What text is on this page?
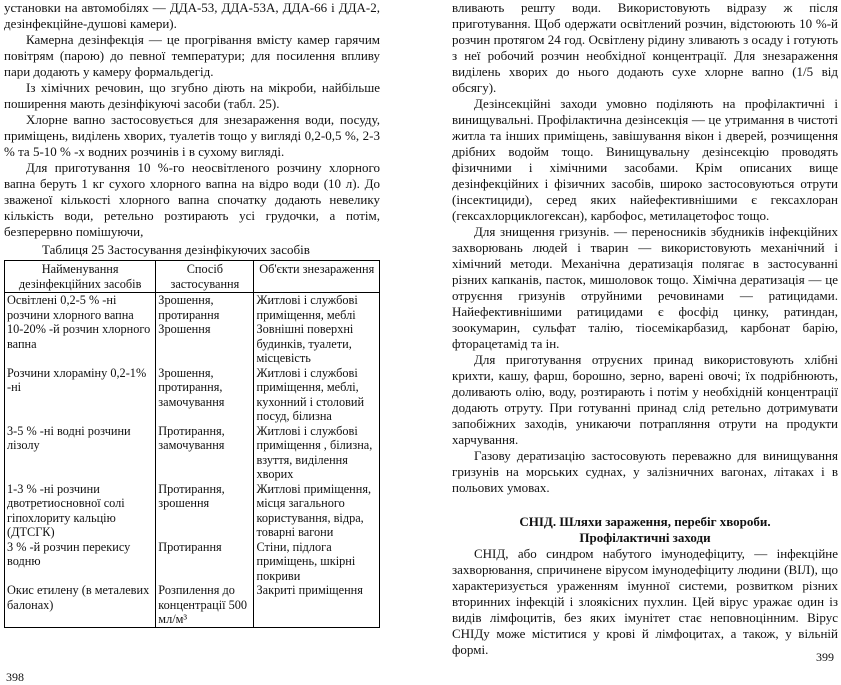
установки на автомобілях — ДДА-53, ДДА-53А, ДДА-66 і ДДА-2, дезінфекційне-душові камери).

Камерна дезінфекція — це прогрівання вмісту камер гарячим повітрям (парою) до певної температури; для посилення впливу пари додають у камеру формальдегід.

Із хімічних речовин, що згубно діють на мікроби, найбільше поширення мають дезінфікуючі засоби (табл. 25).

Хлорне вапно застосовується для знезараження води, посуду, приміщень, виділень хворих, туалетів тощо у вигляді 0,2-0,5 %, 2-3 % та 5-10 % -х водних розчинів і в сухому вигляді.

Для приготування 10 %-го неосвітленого розчину хлорного вапна беруть 1 кг сухого хлорного вапна на відро води (10 л). До зваженої кількості хлорного вапна спочатку додають невелику кількість води, ретельно розтирають усі грудочки, а потім, безперервно помішуючи,

Таблиця 25 Застосування дезінфікуючих засобів

Найменування дезінфекційних засобів	Спосіб застосування	Об'єкти знезараження
Освітлені 0,2-5 % -ні розчини хлорного вапна	Зрошення, протирання	Житлові і службові приміщення, меблі
10-20% -й розчин хлорного вапна	Зрошення	Зовнішні поверхні будинків, туалети, місцевість
Розчини хлораміну 0,2-1% -ні	Зрошення, протирання, замочування	Житлові і службові приміщення, меблі, кухонний і столовий посуд, білизна
3-5 % -ні водні розчини лізолу	Протирання, замочування	Житлові і службові приміщення , білизна, взуття, виділення хворих
1-3 % -ні розчини двотретиосновної солі гіпохлориту кальцію (ДТСГК)	Протирання, зрошення	Житлові приміщення, місця загального користування, відра, товарні вагони
3 % -й розчин перекису водню	Протирання	Стіни, підлога приміщень, шкірні покриви
Окис етилену (в металевих балонах)	Розпилення до концентрації 500 мл/м³	Закриті приміщення

вливають решту води. Використовують відразу ж після приготування. Щоб одержати освітлений розчин, відстоюють 10 %-й розчин протягом 24 год. Освітлену рідину зливають з осаду і готують з неї робочий розчин необхідної концентрації. Для знезараження виділень хворих до нього додають сухе хлорне вапно (1/5 від обсягу).

Дезінсекційні заходи умовно поділяють на профілактичні і винищувальні. Профілактична дезінсекція — це утримання в чистоті житла та інших приміщень, завішування вікон і дверей, розчищення дрібних водойм тощо. Винищувальну дезінсекцію проводять фізичними і хімічними засобами. Крім описаних вище дезінфекційних і фізичних засобів, широко застосовуються отрути (інсектициди), серед яких найефективнішими є гексахлоран (гексахлорциклогексан), карбофос, метилацетофос тощо.

Для знищення гризунів. — переносників збудників інфекційних захворювань людей і тварин — використовують механічний і хімічний методи. Механічна дератизація полягає в застосуванні різних капканів, пасток, мишоловок тощо. Хімічна дератизація — це отруєння гризунів отруйними речовинами — ратицидами. Найефективнішими ратицидами є фосфід цинку, ратиндан, зоокумарин, сульфат талію, тіосемікарбазид, карбонат барію, фторацетамід та ін.

Для приготування отруєних принад використовують хлібні крихти, кашу, фарш, борошно, зерно, варені овочі; їх подрібнюють, доливають олію, воду, розтирають і потім у необхідній концентрації додають отруту. При готуванні принад слід ретельно дотримувати запобіжних заходів, уникаючи потрапляння отрути на продукти харчування.

Газову дератизацію застосовують переважно для винищування гризунів на морських суднах, у залізничних вагонах, літаках і в польових умовах.

СНІД. Шляхи зараження, перебіг хвороби.
Профілактичні заходи

СНІД, або синдром набутого імунодефіциту, — інфекційне захворювання, спричинене вірусом імунодефіциту людини (ВІЛ), що характеризується ураженням імунної системи, розвитком різних вторинних інфекцій і злоякісних пухлин. Цей вірус уражає один із видів лімфоцитів, без яких імунітет стає неповноцінним. Вірус СНІДу може міститися у крові й лімфоцитах, а також, у вільній формі.

398
399
